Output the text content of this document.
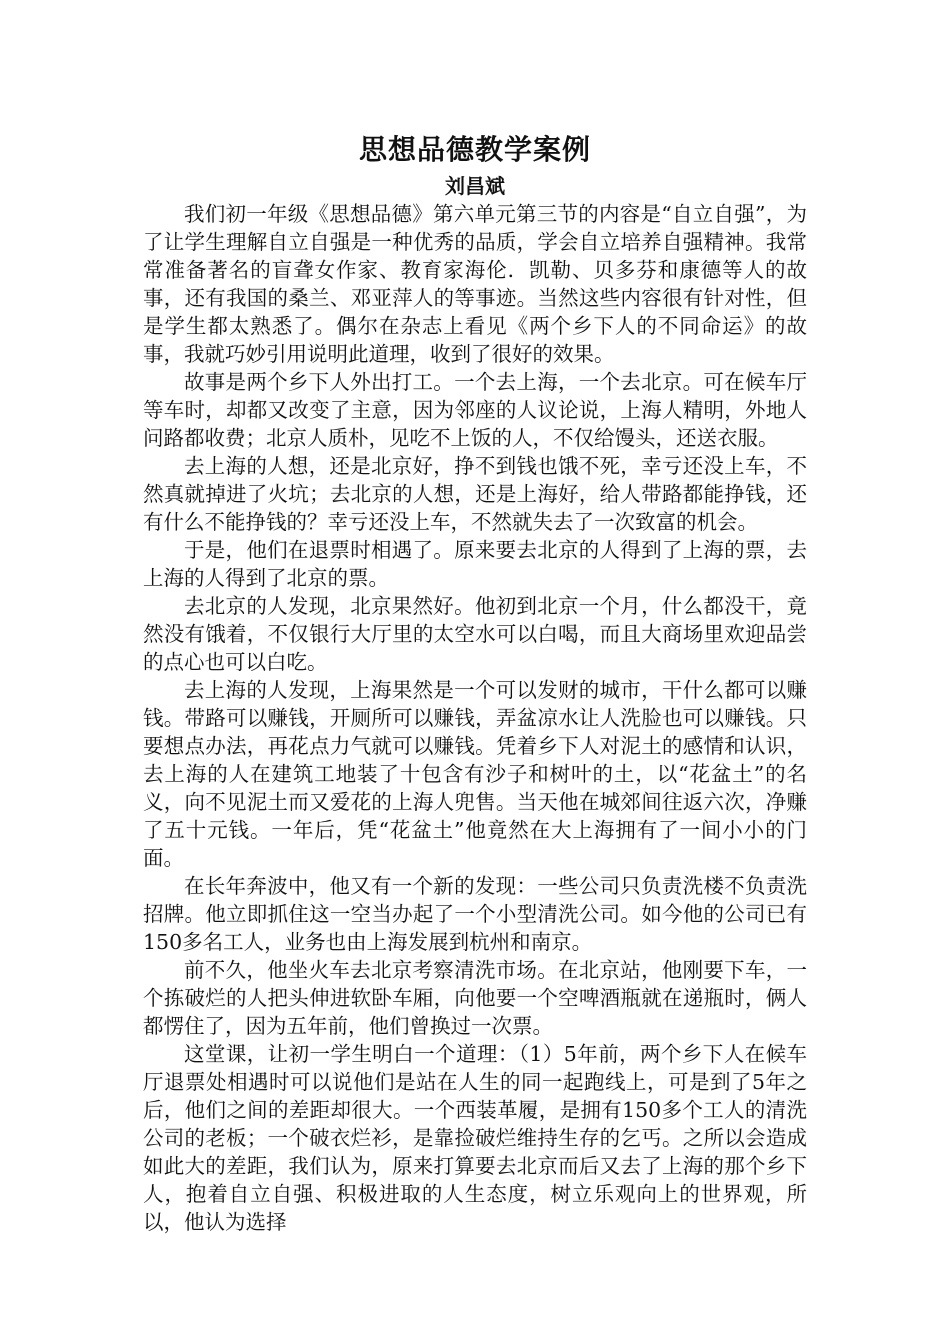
思想品德教学案例
刘昌斌

我们初一年级《思想品德》第六单元第三节的内容是“自立自强”，为了让学生理解自立自强是一种优秀的品质，学会自立培养自强精神。我常常准备著名的盲聋女作家、教育家海伦．凯勒、贝多芬和康德等人的故事，还有我国的桑兰、邓亚萍人的等事迹。当然这些内容很有针对性，但是学生都太熟悉了。偶尔在杂志上看见《两个乡下人的不同命运》的故事，我就巧妙引用说明此道理，收到了很好的效果。

故事是两个乡下人外出打工。一个去上海，一个去北京。可在候车厅等车时，却都又改变了主意，因为邻座的人议论说，上海人精明，外地人问路都收费；北京人质朴，见吃不上饭的人，不仅给馒头，还送衣服。

去上海的人想，还是北京好，挣不到钱也饿不死，幸亏还没上车，不然真就掉进了火坑；去北京的人想，还是上海好，给人带路都能挣钱，还有什么不能挣钱的？幸亏还没上车，不然就失去了一次致富的机会。

于是，他们在退票时相遇了。原来要去北京的人得到了上海的票，去上海的人得到了北京的票。

去北京的人发现，北京果然好。他初到北京一个月，什么都没干，竟然没有饿着，不仅银行大厅里的太空水可以白喝，而且大商场里欢迎品尝的点心也可以白吃。

去上海的人发现，上海果然是一个可以发财的城市，干什么都可以赚钱。带路可以赚钱，开厕所可以赚钱，弄盆凉水让人洗脸也可以赚钱。只要想点办法，再花点力气就可以赚钱。凭着乡下人对泥土的感情和认识，去上海的人在建筑工地装了十包含有沙子和树叶的土，以“花盆土”的名义，向不见泥土而又爱花的上海人兜售。当天他在城郊间往返六次，净赚了五十元钱。一年后，凭“花盆土”他竟然在大上海拥有了一间小小的门面。

在长年奔波中，他又有一个新的发现：一些公司只负责洗楼不负责洗招牌。他立即抓住这一空当办起了一个小型清洗公司。如今他的公司已有150多名工人，业务也由上海发展到杭州和南京。

前不久，他坐火车去北京考察清洗市场。在北京站，他刚要下车，一个拣破烂的人把头伸进软卧车厢，向他要一个空啤酒瓶就在递瓶时，俩人都愣住了，因为五年前，他们曾换过一次票。

这堂课，让初一学生明白一个道理：（1）5年前，两个乡下人在候车厅退票处相遇时可以说他们是站在人生的同一起跑线上，可是到了5年之后，他们之间的差距却很大。一个西装革履，是拥有150多个工人的清洗公司的老板；一个破衣烂衫，是靠捡破烂维持生存的乞丐。之所以会造成如此大的差距，我们认为，原来打算要去北京而后又去了上海的那个乡下人，抱着自立自强、积极进取的人生态度，树立乐观向上的世界观，所以，他认为选择
